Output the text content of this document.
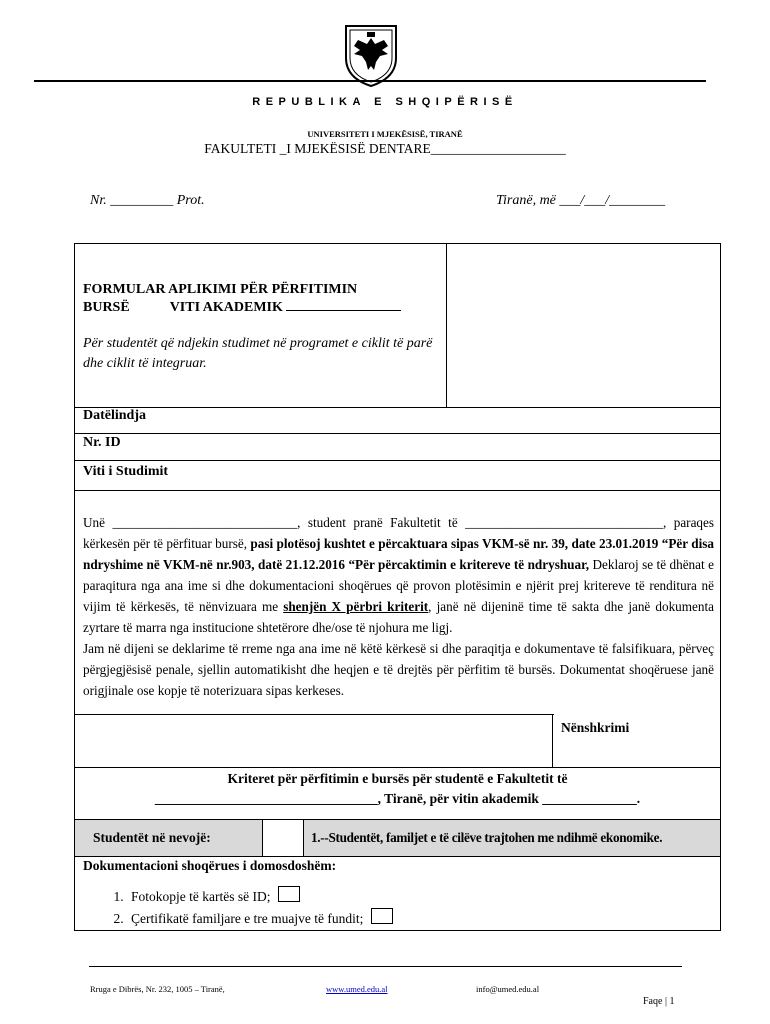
REPUBLIKA E SHQIPËRISË
UNIVERSITETI I MJEKËSISË, TIRANË
FAKULTETI _I MJEKËSISË DENTARE____________________
Nr. _________ Prot.	Tiranë, më ___/___/________
FORMULAR APLIKIMI PËR PËRFITIMIN
BURSË	VITI AKADEMIK
Për studentët që ndjekin studimet në programet e ciklit të parë dhe ciklit të integruar.
Datëlindja
Nr. ID
Viti i Studimit
Unë ____________________________, student pranë Fakultetit të ______________________________, paraqes kërkesën për të përfituar bursë, pasi plotësoj kushtet e përcaktuara sipas VKM-së nr. 39, date 23.01.2019 “Për disa ndryshime në VKM-në nr.903, datë 21.12.2016 “Për përcaktimin e kritereve të ndryshuar, Deklaroj se të dhënat e paraqitura nga ana ime si dhe dokumentacioni shoqërues që provon plotësimin e njërit prej kritereve të renditura në vijim të kërkesës, të nënvizuara me shenjën X përbri kriterit, janë në dijeninë time të sakta dhe janë dokumenta zyrtare të marra nga institucione shtetërore dhe/ose të njohura me ligj.
Jam në dijeni se deklarime të rreme nga ana ime në këtë kërkesë si dhe paraqitja e dokumentave të falsifikuara, përveç përgjegjësisë penale, sjellin automatikisht dhe heqjen e të drejtës për përfitim të bursës. Dokumentat shoqëruese janë origjinale ose kopje të noterizuara sipas kerkeses.
Nënshkrimi
Kriteret për përfitimin e bursës për studentë e Fakultetit të
_________________________________, Tiranë, për vitin akademik ______________.
Studentët në nevojë:	1.--Studentët, familjet e të cilëve trajtohen me ndihmë ekonomike.
Dokumentacioni shoqërues i domosdoshëm:
1. Fotokopje të kartës së ID;
2. Çertifikatë familjare e tre muajve të fundit;
Rruga e Dibrës, Nr. 232, 1005 – Tiranë,	www.umed.edu.al	info@umed.edu.al
Faqe | 1
